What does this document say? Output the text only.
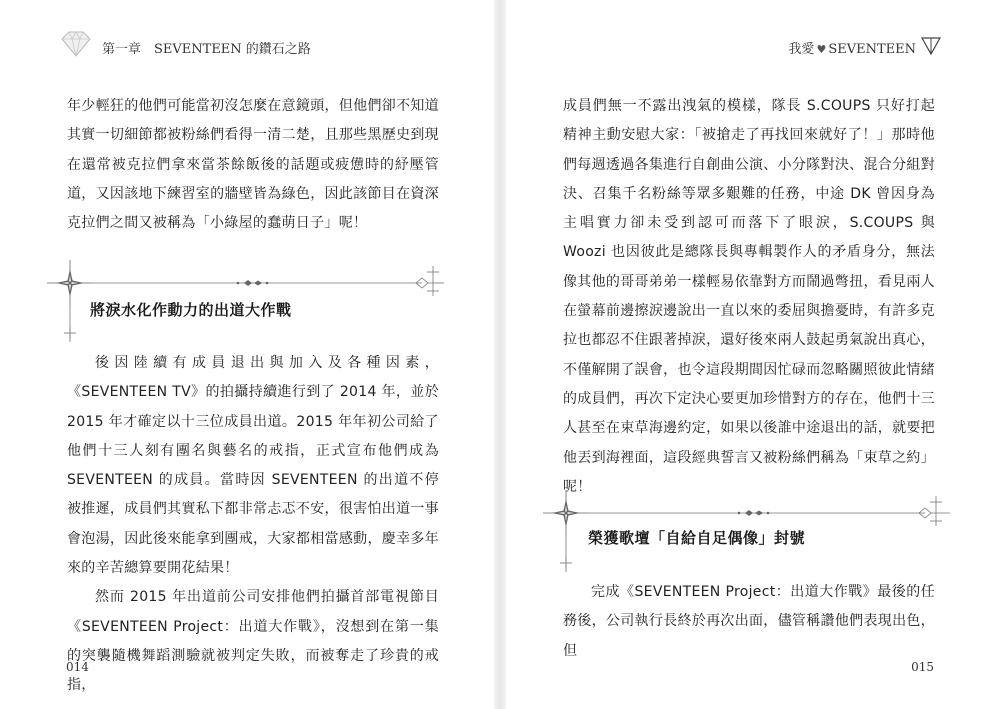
第一章　SEVENTEEN 的鑽石之路

年少輕狂的他們可能當初沒怎麼在意鏡頭，但他們卻不知道其實一切細節都被粉絲們看得一清二楚，且那些黑歷史到現在還常被克拉們拿來當茶餘飯後的話題或疲憊時的紓壓管道，又因該地下練習室的牆壁皆為綠色，因此該節目在資深克拉們之間又被稱為「小綠屋的蠢萌日子」呢！

將淚水化作動力的出道大作戰

後因陸續有成員退出與加入及各種因素，《SEVENTEEN TV》的拍攝持續進行到了 2014 年，並於 2015 年才確定以十三位成員出道。2015 年年初公司給了他們十三人刻有團名與藝名的戒指，正式宣布他們成為 SEVENTEEN 的成員。當時因 SEVENTEEN 的出道不停被推遲，成員們其實私下都非常忐忑不安，很害怕出道一事會泡湯，因此後來能拿到團戒，大家都相當感動，慶幸多年來的辛苦總算要開花結果！

然而 2015 年出道前公司安排他們拍攝首部電視節目《SEVENTEEN Project：出道大作戰》，沒想到在第一集的突襲隨機舞蹈測驗就被判定失敗，而被奪走了珍貴的戒指，

014
我愛 ♥ SEVENTEEN

成員們無一不露出洩氣的模樣，隊長 S.COUPS 只好打起精神主動安慰大家：「被搶走了再找回來就好了！」那時他們每週透過各集進行自創曲公演、小分隊對決、混合分組對決、召集千名粉絲等眾多艱難的任務，中途 DK 曾因身為主唱實力卻未受到認可而落下了眼淚，S.COUPS 與 Woozi 也因彼此是總隊長與專輯製作人的矛盾身分，無法像其他的哥哥弟弟一樣輕易依靠對方而鬧過彆扭，看見兩人在螢幕前邊擦淚邊說出一直以來的委屈與擔憂時，有許多克拉也都忍不住跟著掉淚，還好後來兩人鼓起勇氣說出真心，不僅解開了誤會，也令這段期間因忙碌而忽略關照彼此情緒的成員們，再次下定決心要更加珍惜對方的存在，他們十三人甚至在束草海邊約定，如果以後誰中途退出的話，就要把他丟到海裡面，這段經典誓言又被粉絲們稱為「束草之約」呢！

榮獲歌壇「自給自足偶像」封號

完成《SEVENTEEN Project：出道大作戰》最後的任務後，公司執行長終於再次出面，儘管稱讚他們表現出色，但

015
